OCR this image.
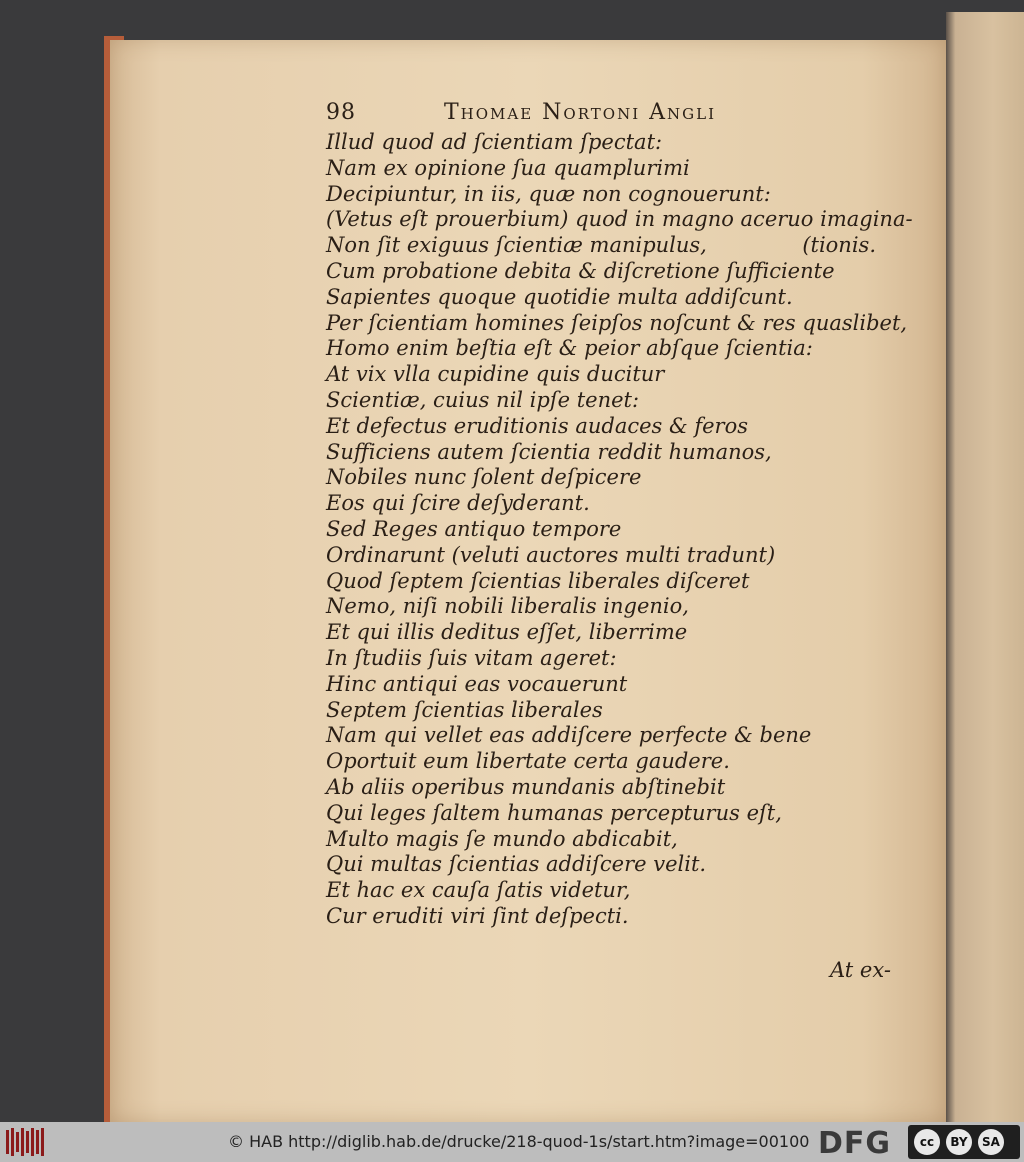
98	Thomae Nortoni Angli
Illud quod ad ſcientiam ſpectat:
Nam ex opinione ſua quamplurimi
Decipiuntur, in iis, quæ non cognouerunt:
(Vetus eſt prouerbium) quod in magno aceruo imagina-
Non ſit exiguus ſcientiæ manipulus,	(tionis.
Cum probatione debita & diſcretione ſufficiente
Sapientes quoque quotidie multa addiſcunt.
Per ſcientiam homines ſeipſos noſcunt & res quaslibet,
Homo enim beſtia eſt & peior abſque ſcientia:
At vix vlla cupidine quis ducitur
Scientiæ, cuius nil ipſe tenet:
Et defectus eruditionis audaces & feros
Sufficiens autem ſcientia reddit humanos,
Nobiles nunc ſolent deſpicere
Eos qui ſcire deſyderant.
Sed Reges antiquo tempore
Ordinarunt (veluti auctores multi tradunt)
Quod ſeptem ſcientias liberales diſceret
Nemo, niſi nobili liberalis ingenio,
Et qui illis deditus eſſet, liberrime
In ſtudiis ſuis vitam ageret:
Hinc antiqui eas vocauerunt
Septem ſcientias liberales
Nam qui vellet eas addiſcere perfecte & bene
Oportuit eum libertate certa gaudere.
Ab aliis operibus mundanis abſtinebit
Qui leges ſaltem humanas percepturus eſt,
Multo magis ſe mundo abdicabit,
Qui multas ſcientias addiſcere velit.
Et hac ex cauſa ſatis videtur,
Cur eruditi viri ſint deſpecti.
At ex-
© HAB http://diglib.hab.de/drucke/218-quod-1s/start.htm?image=00100 DFG	cc	BY	SA
